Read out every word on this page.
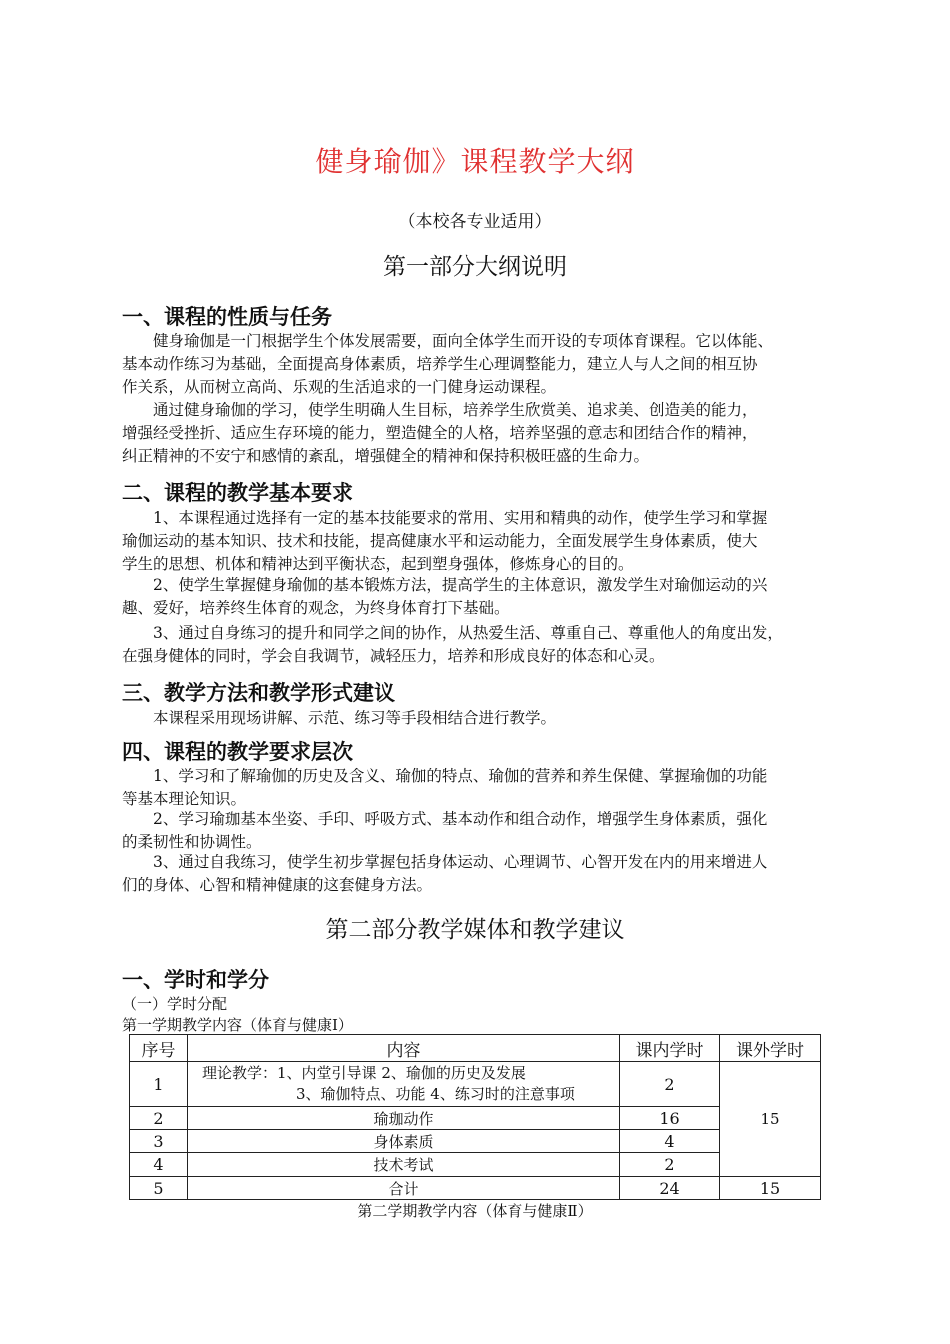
健身瑜伽》课程教学大纲
（本校各专业适用）
第一部分大纲说明
一、课程的性质与任务
　　健身瑜伽是一门根据学生个体发展需要，面向全体学生而开设的专项体育课程。它以体能、
基本动作练习为基础，全面提高身体素质，培养学生心理调整能力，建立人与人之间的相互协
作关系，从而树立高尚、乐观的生活追求的一门健身运动课程。
　　通过健身瑜伽的学习，使学生明确人生目标，培养学生欣赏美、追求美、创造美的能力，
增强经受挫折、适应生存环境的能力，塑造健全的人格，培养坚强的意志和团结合作的精神，
纠正精神的不安宁和感情的紊乱，增强健全的精神和保持积极旺盛的生命力。
二、课程的教学基本要求
　　1、本课程通过选择有一定的基本技能要求的常用、实用和精典的动作，使学生学习和掌握
瑜伽运动的基本知识、技术和技能，提高健康水平和运动能力，全面发展学生身体素质，使大
学生的思想、机体和精神达到平衡状态，起到塑身强体，修炼身心的目的。
　　2、使学生掌握健身瑜伽的基本锻炼方法，提高学生的主体意识，激发学生对瑜伽运动的兴
趣、爱好，培养终生体育的观念，为终身体育打下基础。
　　3、通过自身练习的提升和同学之间的协作，从热爱生活、尊重自己、尊重他人的角度出发，
在强身健体的同时，学会自我调节，减轻压力，培养和形成良好的体态和心灵。
三、教学方法和教学形式建议
　　本课程采用现场讲解、示范、练习等手段相结合进行教学。
四、课程的教学要求层次
　　1、学习和了解瑜伽的历史及含义、瑜伽的特点、瑜伽的营养和养生保健、掌握瑜伽的功能
等基本理论知识。
　　2、学习瑜珈基本坐姿、手印、呼吸方式、基本动作和组合动作，增强学生身体素质，强化
的柔韧性和协调性。
　　3、通过自我练习，使学生初步掌握包括身体运动、心理调节、心智开发在内的用来增进人
们的身体、心智和精神健康的这套健身方法。
第二部分教学媒体和教学建议
一、学时和学分
（一）学时分配
第一学期教学内容（体育与健康Ⅰ）
序号	内容	课内学时	课外学时
1	理论教学：1、内堂引导课 2、瑜伽的历史及发展
3、瑜伽特点、功能 4、练习时的注意事项	2	15
2	瑜珈动作	16	
3	身体素质	4	
4	技术考试	2	
5	合计	24	15
第二学期教学内容（体育与健康Ⅱ）
